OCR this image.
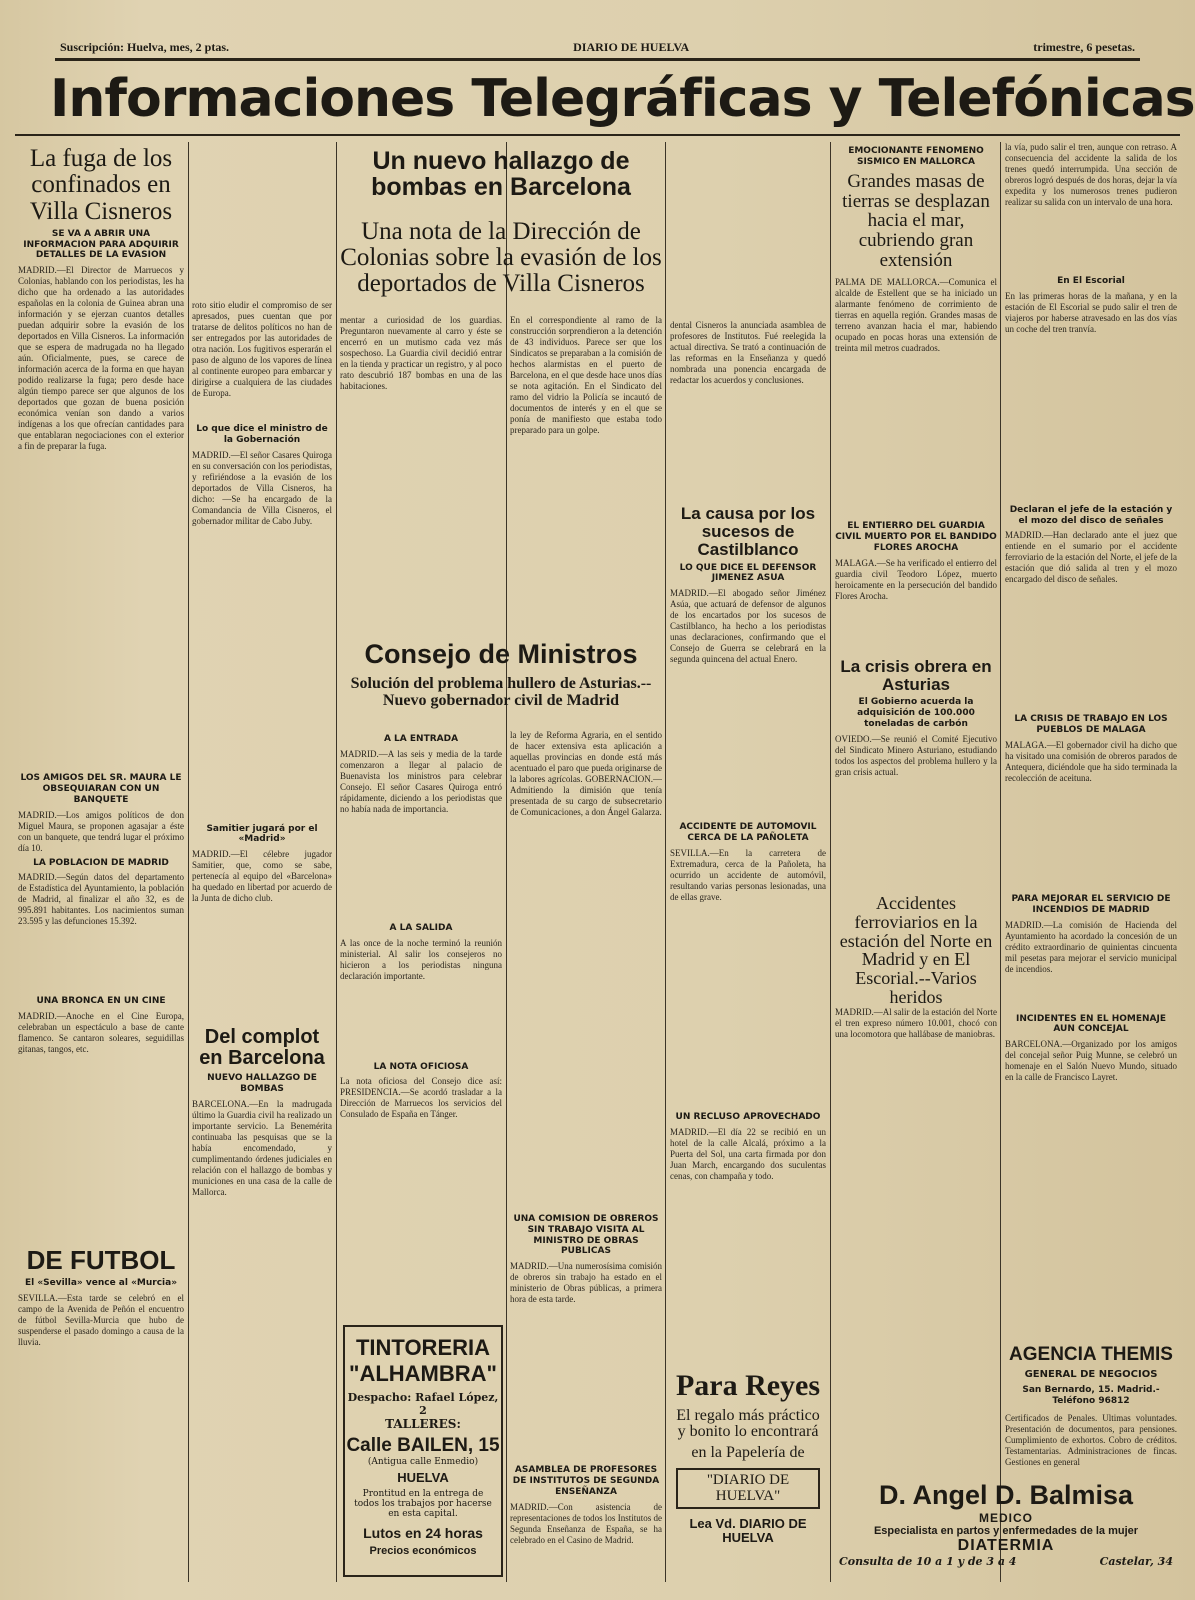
Suscripción: Huelva, mes, 2 ptas.	DIARIO DE HUELVA	trimestre, 6 pesetas.
Informaciones Telegráficas y Telefónicas
La fuga de los confinados en Villa Cisneros

SE VA A ABRIR UNA INFORMACION PARA ADQUIRIR DETALLES DE LA EVASION

MADRID.—El Director de Marruecos y Colonias, hablando con los periodistas, les ha dicho que ha ordenado a las autoridades españolas en la colonia de Guinea abran una información y se ejerzan cuantos detalles puedan adquirir sobre la evasión de los deportados en Villa Cisneros. La información que se espera de madrugada no ha llegado aún. Oficialmente, pues, se carece de información acerca de la forma en que hayan podido realizarse la fuga; pero desde hace algún tiempo parece ser que algunos de los deportados que gozan de buena posición económica venían son dando a varios indígenas a los que ofrecían cantidades para que entablaran negociaciones con el exterior a fin de preparar la fuga.

LOS AMIGOS DEL SR. MAURA LE OBSEQUIARAN CON UN BANQUETE

MADRID.—Los amigos políticos de don Miguel Maura, se proponen agasajar a éste con un banquete, que tendrá lugar el próximo día 10.

LA POBLACION DE MADRID

MADRID.—Según datos del departamento de Estadística del Ayuntamiento, la población de Madrid, al finalizar el año 32, es de 995.891 habitantes. Los nacimientos suman 23.595 y las defunciones 15.392.

UNA BRONCA EN UN CINE

MADRID.—Anoche en el Cine Europa, celebraban un espectáculo a base de cante flamenco. Se cantaron soleares, seguidillas gitanas, tangos, etc.

DE FUTBOL

El «Sevilla» vence al «Murcia»

SEVILLA.—Esta tarde se celebró en el campo de la Avenida de Peñón el encuentro de fútbol Sevilla-Murcia que hubo de suspenderse el pasado domingo a causa de la lluvia.

Un nuevo hallazgo de bombas en Barcelona
Una nota de la Dirección de Colonias sobre la evasión de los deportados de Villa Cisneros

roto sitio eludir el compromiso de ser apresados, pues cuentan que por tratarse de delitos políticos no han de ser entregados por las autoridades de otra nación. Los fugitivos esperarán el paso de alguno de los vapores de línea al continente europeo para embarcar y dirigirse a cualquiera de las ciudades de Europa.

Lo que dice el ministro de la Gobernación

MADRID.—El señor Casares Quiroga en su conversación con los periodistas, y refiriéndose a la evasión de los deportados de Villa Cisneros, ha dicho: —Se ha encargado de la Comandancia de Villa Cisneros, el gobernador militar de Cabo Juby.

Samitier jugará por el «Madrid»

MADRID.—El célebre jugador Samitier, que, como se sabe, pertenecía al equipo del «Barcelona» ha quedado en libertad por acuerdo de la Junta de dicho club.

Del complot en Barcelona

NUEVO HALLAZGO DE BOMBAS

BARCELONA.—En la madrugada último la Guardia civil ha realizado un importante servicio. La Benemérita continuaba las pesquisas que se la había encomendado, y cumplimentando órdenes judiciales en relación con el hallazgo de bombas y municiones en una casa de la calle de Mallorca.

mentar a curiosidad de los guardias. Preguntaron nuevamente al carro y éste se encerró en un mutismo cada vez más sospechoso. La Guardia civil decidió entrar en la tienda y practicar un registro, y al poco rato descubrió 187 bombas en una de las habitaciones.

En el correspondiente al ramo de la construcción sorprendieron a la detención de 43 individuos. Parece ser que los Sindicatos se preparaban a la comisión de hechos alarmistas en el puerto de Barcelona, en el que desde hace unos días se nota agitación. En el Sindicato del ramo del vidrio la Policía se incautó de documentos de interés y en el que se ponía de manifiesto que estaba todo preparado para un golpe.

Consejo de Ministros
Solución del problema hullero de Asturias.--Nuevo gobernador civil de Madrid

A LA ENTRADA

MADRID.—A las seis y media de la tarde comenzaron a llegar al palacio de Buenavista los ministros para celebrar Consejo. El señor Casares Quiroga entró rápidamente, diciendo a los periodistas que no había nada de importancia.

A LA SALIDA

A las once de la noche terminó la reunión ministerial. Al salir los consejeros no hicieron a los periodistas ninguna declaración importante.

LA NOTA OFICIOSA

La nota oficiosa del Consejo dice así: PRESIDENCIA.—Se acordó trasladar a la Dirección de Marruecos los servicios del Consulado de España en Tánger.

la ley de Reforma Agraria, en el sentido de hacer extensiva esta aplicación a aquellas provincias en donde está más acentuado el paro que pueda originarse de la labores agrícolas. GOBERNACION.—Admitiendo la dimisión que tenía presentada de su cargo de subsecretario de Comunicaciones, a don Ángel Galarza.

UNA COMISION DE OBREROS SIN TRABAJO VISITA AL MINISTRO DE OBRAS PUBLICAS

MADRID.—Una numerosísima comisión de obreros sin trabajo ha estado en el ministerio de Obras públicas, a primera hora de esta tarde.

ASAMBLEA DE PROFESORES DE INSTITUTOS DE SEGUNDA ENSEÑANZA

MADRID.—Con asistencia de representaciones de todos los Institutos de Segunda Enseñanza de España, se ha celebrado en el Casino de Madrid.

TINTORERIA
"ALHAMBRA"
Despacho: Rafael López, 2
TALLERES:
Calle BAILEN, 15
(Antigua calle Enmedio)
HUELVA
Prontitud en la entrega de todos los trabajos por hacerse en esta capital.
Lutos en 24 horas
Precios económicos

dental Cisneros la anunciada asamblea de profesores de Institutos. Fué reelegida la actual directiva. Se trató a continuación de las reformas en la Enseñanza y quedó nombrada una ponencia encargada de redactar los acuerdos y conclusiones.

La causa por los sucesos de Castilblanco

LO QUE DICE EL DEFENSOR JIMENEZ ASUA

MADRID.—El abogado señor Jiménez Asúa, que actuará de defensor de algunos de los encartados por los sucesos de Castilblanco, ha hecho a los periodistas unas declaraciones, confirmando que el Consejo de Guerra se celebrará en la segunda quincena del actual Enero.

ACCIDENTE DE AUTOMOVIL CERCA DE LA PAÑOLETA

SEVILLA.—En la carretera de Extremadura, cerca de la Pañoleta, ha ocurrido un accidente de automóvil, resultando varias personas lesionadas, una de ellas grave.

UN RECLUSO APROVECHADO

MADRID.—El día 22 se recibió en un hotel de la calle Alcalá, próximo a la Puerta del Sol, una carta firmada por don Juan March, encargando dos suculentas cenas, con champaña y todo.

Para Reyes
El regalo más práctico
y bonito lo encontrará
en la Papelería de
"DIARIO DE HUELVA"
Lea Vd. DIARIO DE HUELVA

EMOCIONANTE FENOMENO SISMICO EN MALLORCA

Grandes masas de tierras se desplazan hacia el mar, cubriendo gran extensión

PALMA DE MALLORCA.—Comunica el alcalde de Estellent que se ha iniciado un alarmante fenómeno de corrimiento de tierras en aquella región. Grandes masas de terreno avanzan hacia el mar, habiendo ocupado en pocas horas una extensión de treinta mil metros cuadrados.

EL ENTIERRO DEL GUARDIA CIVIL MUERTO POR EL BANDIDO FLORES AROCHA

MALAGA.—Se ha verificado el entierro del guardia civil Teodoro López, muerto heroicamente en la persecución del bandido Flores Arocha.

La crisis obrera en Asturias

El Gobierno acuerda la adquisición de 100.000 toneladas de carbón

OVIEDO.—Se reunió el Comité Ejecutivo del Sindicato Minero Asturiano, estudiando todos los aspectos del problema hullero y la gran crisis actual.

Accidentes ferroviarios en la estación del Norte en Madrid y en El Escorial.--Varios heridos

MADRID.—Al salir de la estación del Norte el tren expreso número 10.001, chocó con una locomotora que hallábase de maniobras.

la vía, pudo salir el tren, aunque con retraso. A consecuencia del accidente la salida de los trenes quedó interrumpida. Una sección de obreros logró después de dos horas, dejar la vía expedita y los numerosos trenes pudieron realizar su salida con un intervalo de una hora.

En El Escorial

En las primeras horas de la mañana, y en la estación de El Escorial se pudo salir el tren de viajeros por haberse atravesado en las dos vías un coche del tren tranvía.

Declaran el jefe de la estación y el mozo del disco de señales

MADRID.—Han declarado ante el juez que entiende en el sumario por el accidente ferroviario de la estación del Norte, el jefe de la estación que dió salida al tren y el mozo encargado del disco de señales.

LA CRISIS DE TRABAJO EN LOS PUEBLOS DE MALAGA

MALAGA.—El gobernador civil ha dicho que ha visitado una comisión de obreros parados de Antequera, diciéndole que ha sido terminada la recolección de aceituna.

PARA MEJORAR EL SERVICIO DE INCENDIOS DE MADRID

MADRID.—La comisión de Hacienda del Ayuntamiento ha acordado la concesión de un crédito extraordinario de quinientas cincuenta mil pesetas para mejorar el servicio municipal de incendios.

INCIDENTES EN EL HOMENAJE AUN CONCEJAL

BARCELONA.—Organizado por los amigos del concejal señor Puig Munne, se celebró un homenaje en el Salón Nuevo Mundo, situado en la calle de Francisco Layret.

AGENCIA THEMIS
GENERAL DE NEGOCIOS
San Bernardo, 15. Madrid.-Teléfono 96812

Certificados de Penales. Ultimas voluntades. Presentación de documentos, para pensiones. Cumplimiento de exhortos. Cobro de créditos. Testamentarias. Administraciones de fincas. Gestiones en general

D. Angel D. Balmisa
MEDICO
Especialista en partos y enfermedades de la mujer
DIATERMIA
Consulta de 10 a 1 y de 3 a 4	Castelar, 34
